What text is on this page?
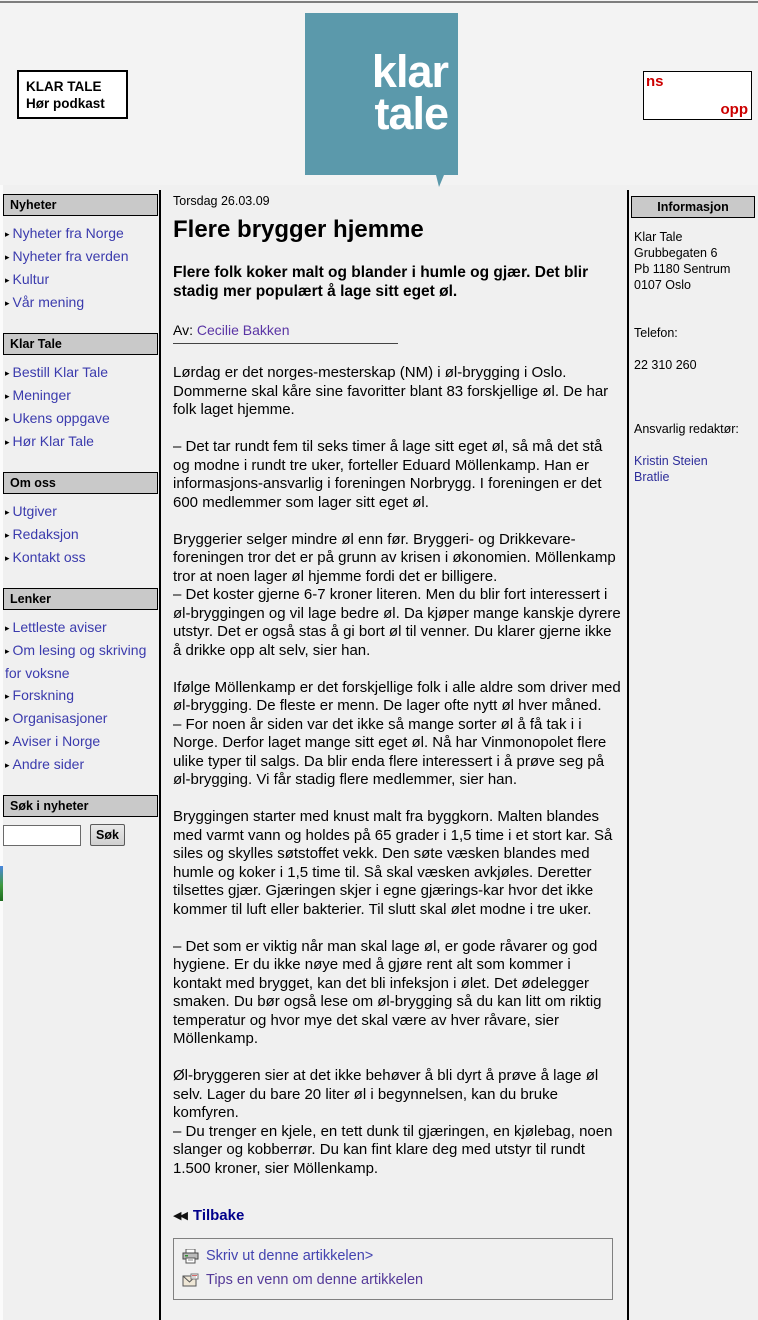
KLAR TALE
Hør podkast
klar
tale
ns
opp
Nyheter
▸ Nyheter fra Norge
▸ Nyheter fra verden
▸ Kultur
▸ Vår mening
Klar Tale
▸ Bestill Klar Tale
▸ Meninger
▸ Ukens oppgave
▸ Hør Klar Tale
Om oss
▸ Utgiver
▸ Redaksjon
▸ Kontakt oss
Lenker
▸ Lettleste aviser
▸ Om lesing og skriving for voksne
▸ Forskning
▸ Organisasjoner
▸ Aviser i Norge
▸ Andre sider
Søk i nyheter
Søk
Torsdag 26.03.09
Flere brygger hjemme
Flere folk koker malt og blander i humle og gjær. Det blir stadig mer populært å lage sitt eget øl.
Av: Cecilie Bakken

Lørdag er det norges-mesterskap (NM) i øl-brygging i Oslo. Dommerne skal kåre sine favoritter blant 83 forskjellige øl. De har folk laget hjemme.

– Det tar rundt fem til seks timer å lage sitt eget øl, så må det stå og modne i rundt tre uker, forteller Eduard Möllenkamp. Han er informasjons-ansvarlig i foreningen Norbrygg. I foreningen er det 600 medlemmer som lager sitt eget øl.

Bryggerier selger mindre øl enn før. Bryggeri- og Drikkevare-foreningen tror det er på grunn av krisen i økonomien. Möllenkamp tror at noen lager øl hjemme fordi det er billigere.
– Det koster gjerne 6-7 kroner literen. Men du blir fort interessert i øl-bryggingen og vil lage bedre øl. Da kjøper mange kanskje dyrere utstyr. Det er også stas å gi bort øl til venner. Du klarer gjerne ikke å drikke opp alt selv, sier han.

Ifølge Möllenkamp er det forskjellige folk i alle aldre som driver med øl-brygging. De fleste er menn. De lager ofte nytt øl hver måned.
– For noen år siden var det ikke så mange sorter øl å få tak i i Norge. Derfor laget mange sitt eget øl. Nå har Vinmonopolet flere ulike typer til salgs. Da blir enda flere interessert i å prøve seg på øl-brygging. Vi får stadig flere medlemmer, sier han.

Bryggingen starter med knust malt fra byggkorn. Malten blandes med varmt vann og holdes på 65 grader i 1,5 time i et stort kar. Så siles og skylles søtstoffet vekk. Den søte væsken blandes med humle og koker i 1,5 time til. Så skal væsken avkjøles. Deretter tilsettes gjær. Gjæringen skjer i egne gjærings-kar hvor det ikke kommer til luft eller bakterier. Til slutt skal ølet modne i tre uker.

– Det som er viktig når man skal lage øl, er gode råvarer og god hygiene. Er du ikke nøye med å gjøre rent alt som kommer i kontakt med brygget, kan det bli infeksjon i ølet. Det ødelegger smaken. Du bør også lese om øl-brygging så du kan litt om riktig temperatur og hvor mye det skal være av hver råvare, sier Möllenkamp.

Øl-bryggeren sier at det ikke behøver å bli dyrt å prøve å lage øl selv. Lager du bare 20 liter øl i begynnelsen, kan du bruke komfyren.
– Du trenger en kjele, en tett dunk til gjæringen, en kjølebag, noen slanger og kobberrør. Du kan fint klare deg med utstyr til rundt 1.500 kroner, sier Möllenkamp.

◀◀ Tilbake
Skriv ut denne artikkelen>
Tips en venn om denne artikkelen
Informasjon
Klar Tale
Grubbegaten 6
Pb 1180 Sentrum
0107 Oslo

Telefon:

22 310 260

Ansvarlig redaktør:

Kristin Steien Bratlie
